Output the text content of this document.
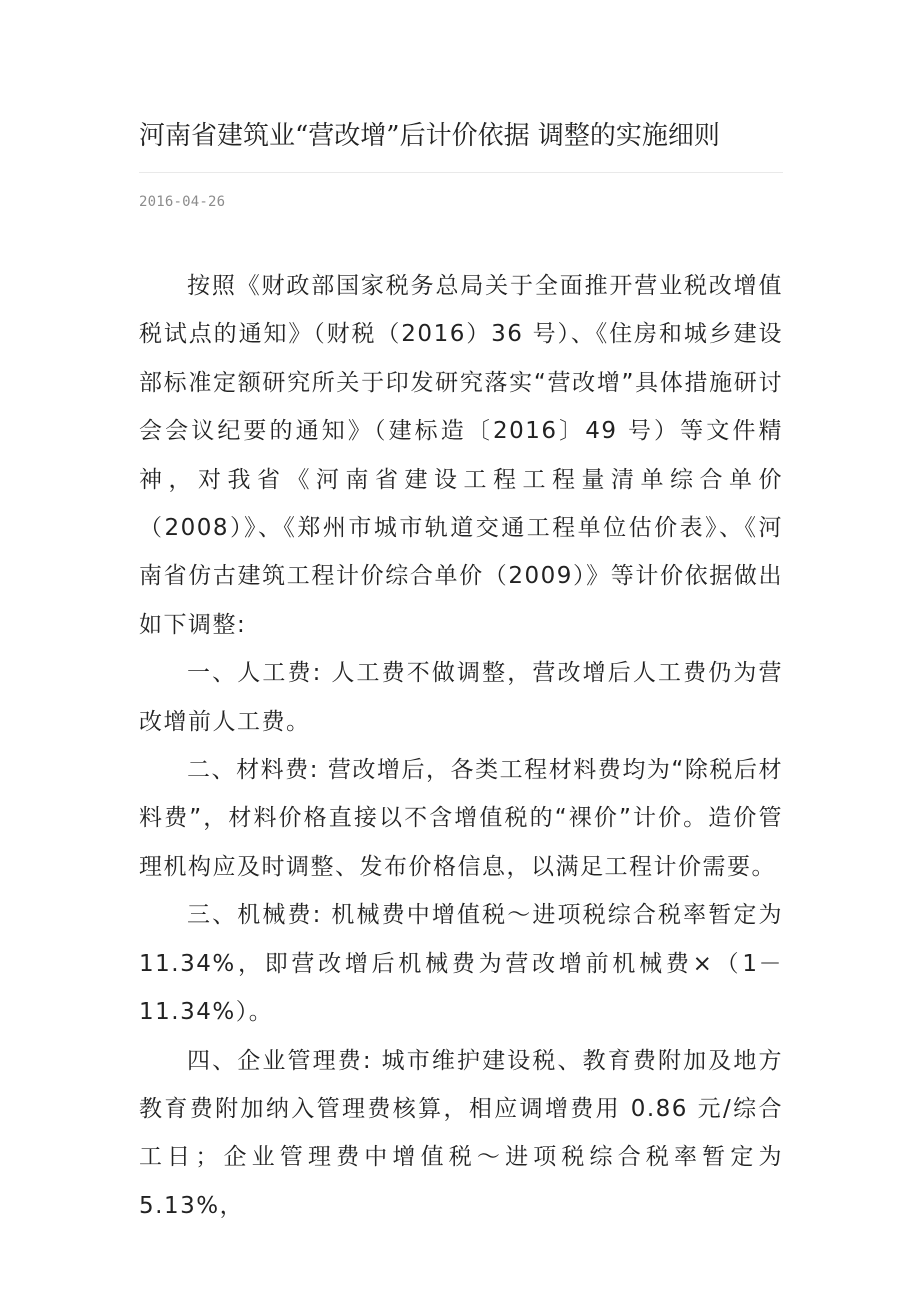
河南省建筑业“营改增”后计价依据 调整的实施细则
2016-04-26

按照《财政部国家税务总局关于全面推开营业税改增值税试点的通知》（财税（2016）36 号）、《住房和城乡建设部标准定额研究所关于印发研究落实“营改增”具体措施研讨会会议纪要的通知》（建标造〔2016〕49 号）等文件精神，对我省《河南省建设工程工程量清单综合单价（2008）》、《郑州市城市轨道交通工程单位估价表》、《河南省仿古建筑工程计价综合单价（2009）》等计价依据做出如下调整:

一、人工费: 人工费不做调整，营改增后人工费仍为营改增前人工费。

二、材料费: 营改增后，各类工程材料费均为“除税后材料费”，材料价格直接以不含增值税的“裸价”计价。造价管理机构应及时调整、发布价格信息，以满足工程计价需要。

三、机械费: 机械费中增值税～进项税综合税率暂定为 11.34%，即营改增后机械费为营改增前机械费×（1－11.34%）。

四、企业管理费: 城市维护建设税、教育费附加及地方教育费附加纳入管理费核算，相应调增费用 0.86 元/综合工日；企业管理费中增值税～进项税综合税率暂定为 5.13%，
